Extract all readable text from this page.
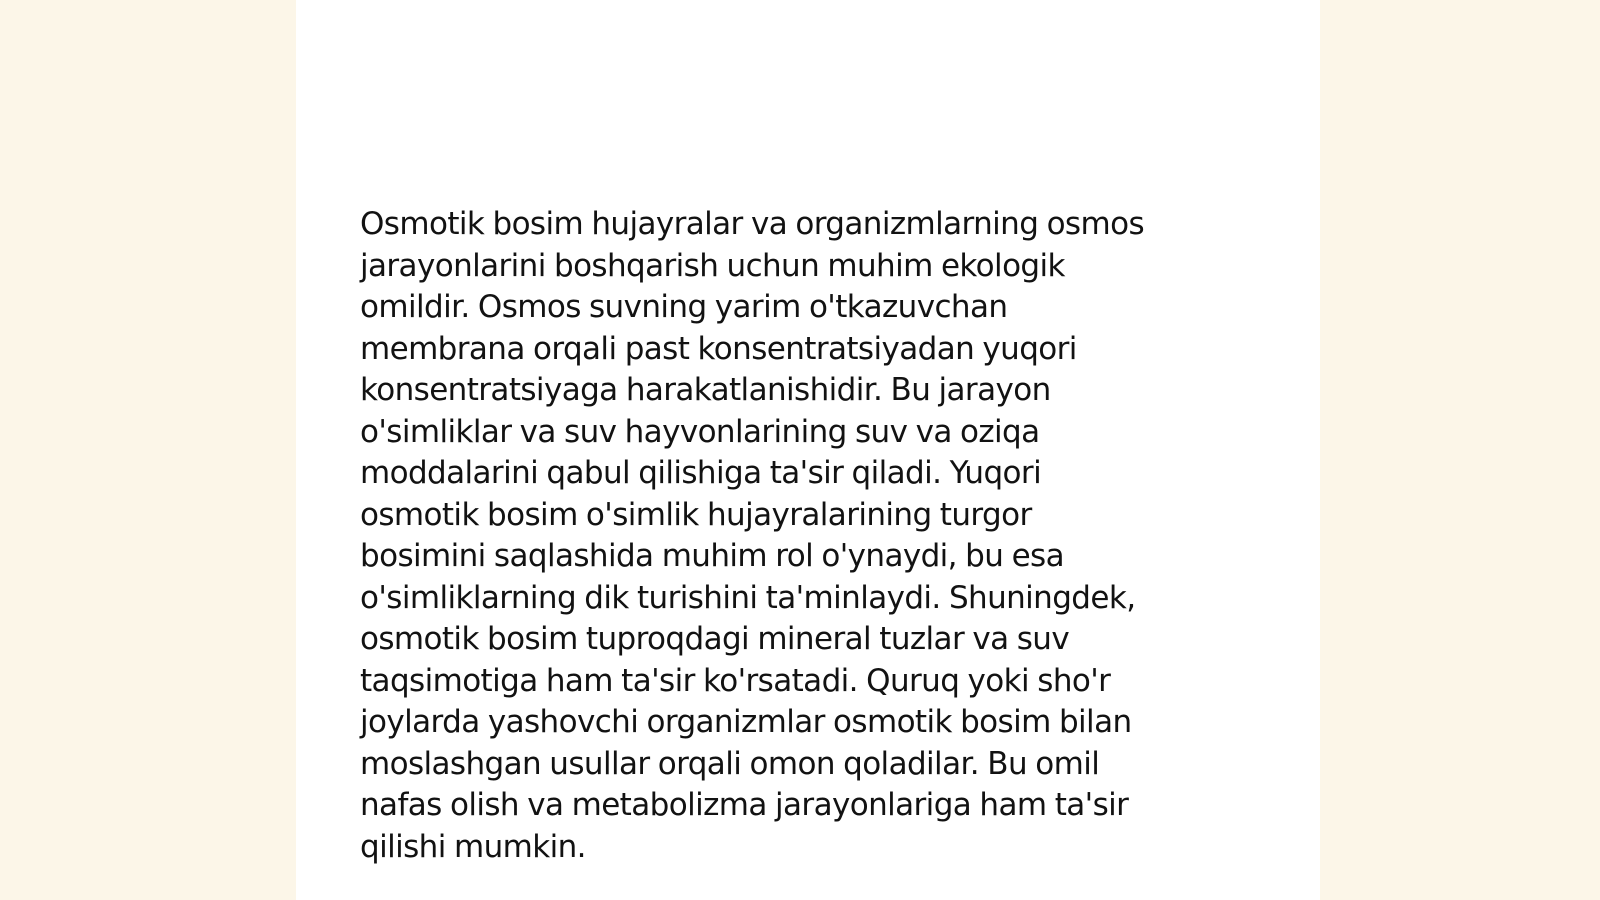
Osmotik bosim hujayralar va organizmlarning osmos
jarayonlarini boshqarish uchun muhim ekologik
omildir. Osmos suvning yarim o'tkazuvchan
membrana orqali past konsentratsiyadan yuqori
konsentratsiyaga harakatlanishidir. Bu jarayon
o'simliklar va suv hayvonlarining suv va oziqa
moddalarini qabul qilishiga ta'sir qiladi. Yuqori
osmotik bosim o'simlik hujayralarining turgor
bosimini saqlashida muhim rol o'ynaydi, bu esa
o'simliklarning dik turishini ta'minlaydi. Shuningdek,
osmotik bosim tuproqdagi mineral tuzlar va suv
taqsimotiga ham ta'sir ko'rsatadi. Quruq yoki sho'r
joylarda yashovchi organizmlar osmotik bosim bilan
moslashgan usullar orqali omon qoladilar. Bu omil
nafas olish va metabolizma jarayonlariga ham ta'sir
qilishi mumkin.
